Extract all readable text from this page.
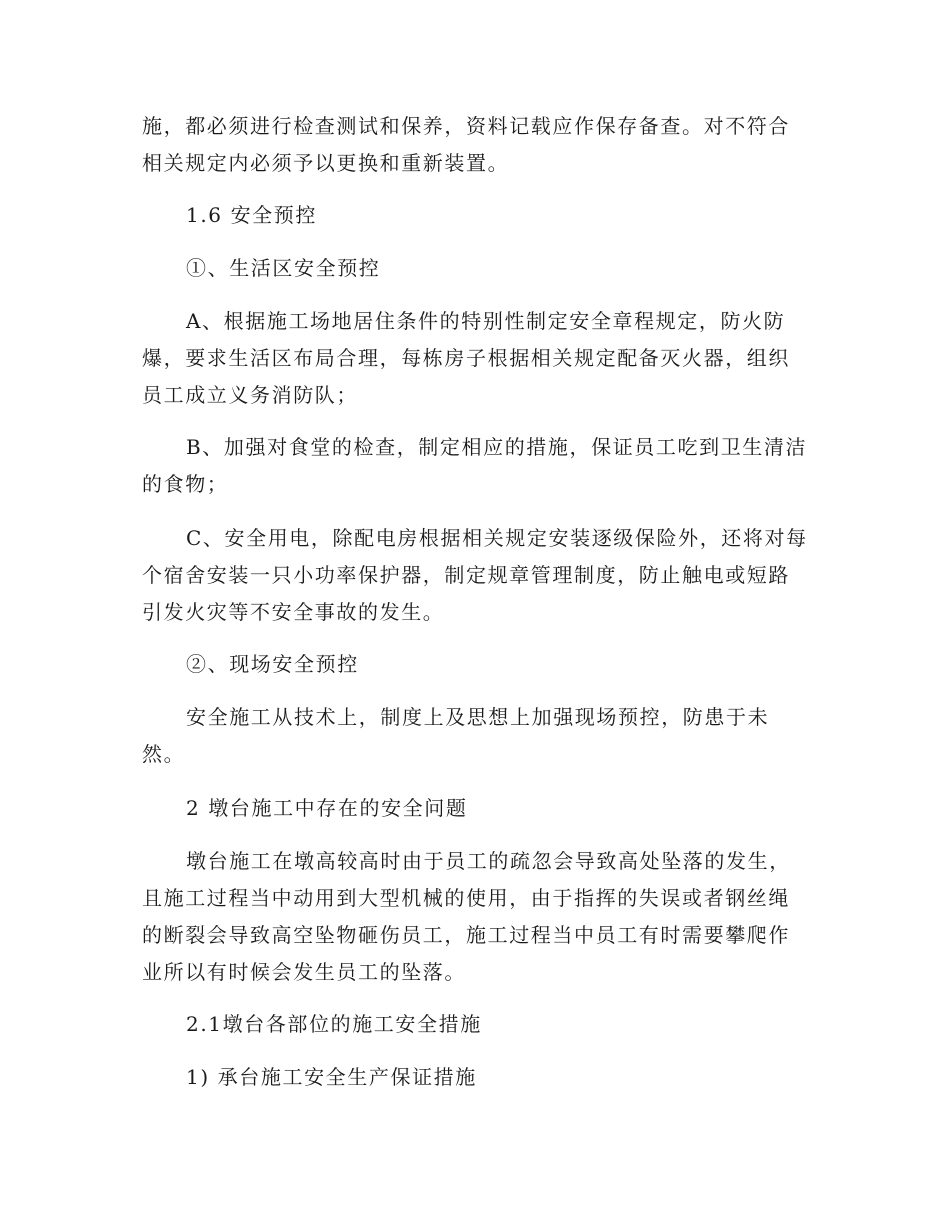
施，都必须进行检查测试和保养，资料记载应作保存备查。对不符合相关规定内必须予以更换和重新装置。

1.6 安全预控

①、生活区安全预控

A、根据施工场地居住条件的特别性制定安全章程规定，防火防爆，要求生活区布局合理，每栋房子根据相关规定配备灭火器，组织员工成立义务消防队；

B、加强对食堂的检查，制定相应的措施，保证员工吃到卫生清洁的食物；

C、安全用电，除配电房根据相关规定安装逐级保险外，还将对每个宿舍安装一只小功率保护器，制定规章管理制度，防止触电或短路引发火灾等不安全事故的发生。

②、现场安全预控

安全施工从技术上，制度上及思想上加强现场预控，防患于未然。

2 墩台施工中存在的安全问题

墩台施工在墩高较高时由于员工的疏忽会导致高处坠落的发生，且施工过程当中动用到大型机械的使用，由于指挥的失误或者钢丝绳的断裂会导致高空坠物砸伤员工，施工过程当中员工有时需要攀爬作业所以有时候会发生员工的坠落。

2.1墩台各部位的施工安全措施

1) 承台施工安全生产保证措施
